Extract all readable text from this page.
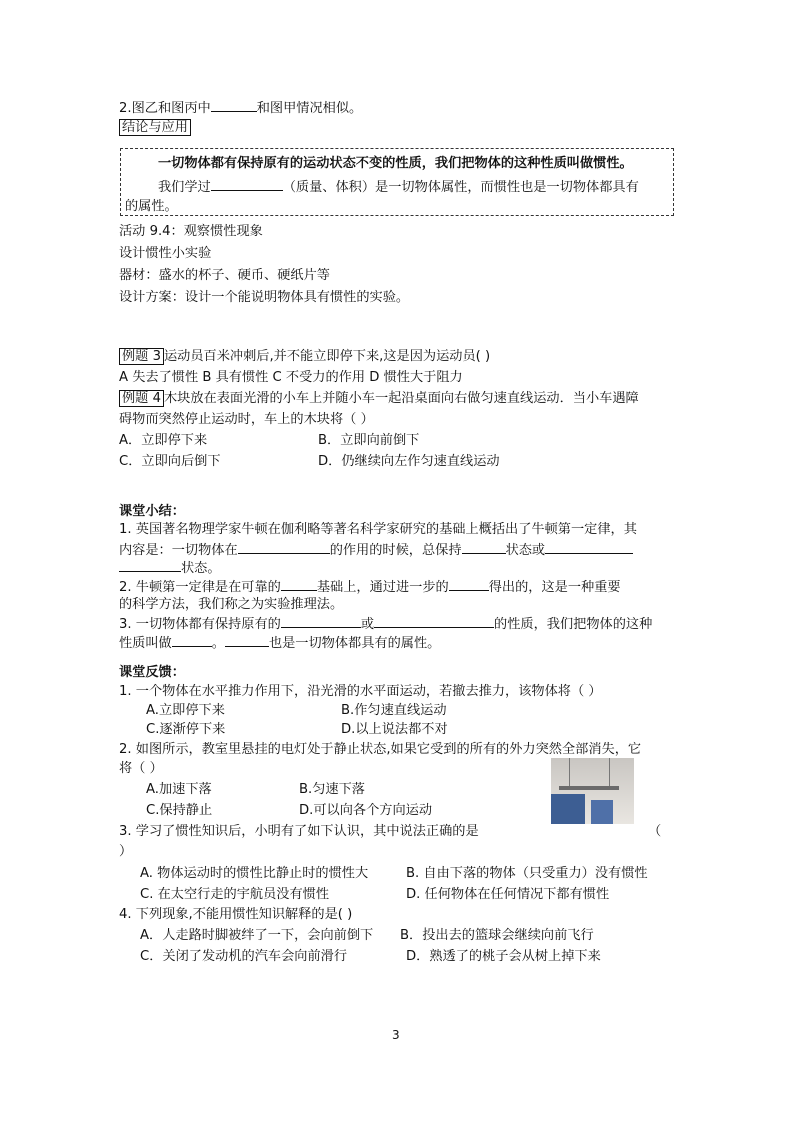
2.图乙和图丙中	和图甲情况相似。
结论与应用
一切物体都有保持原有的运动状态不变的性质，我们把物体的这种性质叫做惯性。
我们学过	（质量、体积）是一切物体属性，而惯性也是一切物体都具有
的属性。
活动 9.4：观察惯性现象
设计惯性小实验
器材：盛水的杯子、硬币、硬纸片等
设计方案：设计一个能说明物体具有惯性的实验。
例题 3 运动员百米冲刺后,并不能立即停下来,这是因为运动员( )
A 失去了惯性 B 具有惯性 C 不受力的作用 D 惯性大于阻力
例题 4 木块放在表面光滑的小车上并随小车一起沿桌面向右做匀速直线运动．当小车遇障
碍物而突然停止运动时，车上的木块将（ ）
A．立即停下来	B．立即向前倒下
C．立即向后倒下	D．仍继续向左作匀速直线运动
课堂小结：
1. 英国著名物理学家牛顿在伽利略等著名科学家研究的基础上概括出了牛顿第一定律，其
内容是：一切物体在	的作用的时候，总保持	状态或
状态。
2. 牛顿第一定律是在可靠的	基础上，通过进一步的	得出的，这是一种重要
的科学方法，我们称之为实验推理法。
3. 一切物体都有保持原有的	或	的性质，我们把物体的这种
性质叫做	。	也是一切物体都具有的属性。
课堂反馈：
1. 一个物体在水平推力作用下，沿光滑的水平面运动，若撤去推力，该物体将（ ）
A.立即停下来	B.作匀速直线运动
C.逐渐停下来	D.以上说法都不对
2. 如图所示，教室里悬挂的电灯处于静止状态,如果它受到的所有的外力突然全部消失，它
将（ ）
A.加速下落	B.匀速下落
C.保持静止	D.可以向各个方向运动
3. 学习了惯性知识后，小明有了如下认识，其中说法正确的是	（
）
A. 物体运动时的惯性比静止时的惯性大	B. 自由下落的物体（只受重力）没有惯性
C. 在太空行走的宇航员没有惯性	D. 任何物体在任何情况下都有惯性
4. 下列现象,不能用惯性知识解释的是( )
A．人走路时脚被绊了一下，会向前倒下 B．投出去的篮球会继续向前飞行
C．关闭了发动机的汽车会向前滑行	D．熟透了的桃子会从树上掉下来
3
